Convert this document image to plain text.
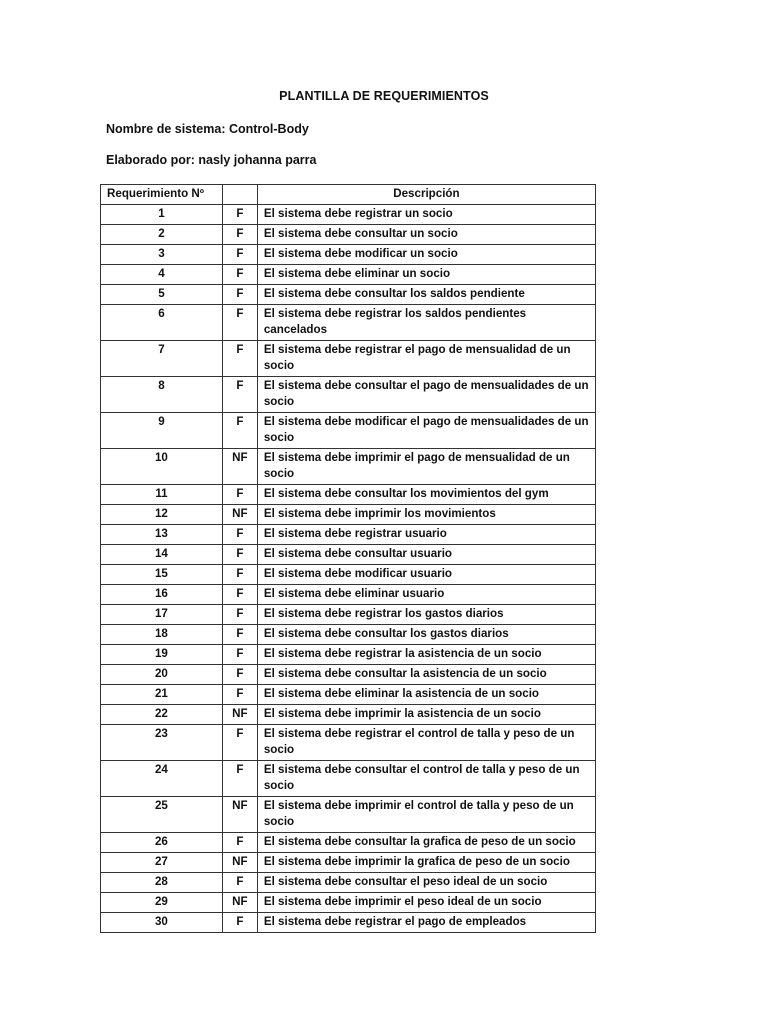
PLANTILLA DE REQUERIMIENTOS
Nombre de sistema: Control-Body
Elaborado por: nasly johanna parra
Requerimiento Nº		Descripción
1	F	El sistema debe registrar un socio
2	F	El sistema debe consultar un socio
3	F	El sistema debe modificar un socio
4	F	El sistema debe eliminar un socio
5	F	El sistema debe consultar los saldos pendiente
6	F	El sistema debe registrar los saldos pendientes cancelados
7	F	El sistema debe registrar el pago de mensualidad de un socio
8	F	El sistema debe consultar el pago de mensualidades de un socio
9	F	El sistema debe modificar el pago de mensualidades de un socio
10	NF	El sistema debe imprimir el pago de mensualidad de un socio
11	F	El sistema debe consultar los movimientos del gym
12	NF	El sistema debe imprimir los movimientos
13	F	El sistema debe registrar usuario
14	F	El sistema debe consultar usuario
15	F	El sistema debe modificar usuario
16	F	El sistema debe eliminar usuario
17	F	El sistema debe registrar los gastos diarios
18	F	El sistema debe consultar los gastos diarios
19	F	El sistema debe registrar la asistencia de un socio
20	F	El sistema debe consultar la asistencia de un socio
21	F	El sistema debe eliminar la asistencia de un socio
22	NF	El sistema debe imprimir la asistencia de un socio
23	F	El sistema debe registrar el control de talla y peso de un socio
24	F	El sistema debe consultar el control de talla y peso de un socio
25	NF	El sistema debe imprimir el control de talla y peso de un socio
26	F	El sistema debe consultar la grafica de peso de un socio
27	NF	El sistema debe imprimir la grafica de peso de un socio
28	F	El sistema debe consultar el peso ideal de un socio
29	NF	El sistema debe imprimir el peso ideal de un socio
30	F	El sistema debe registrar el pago de empleados
